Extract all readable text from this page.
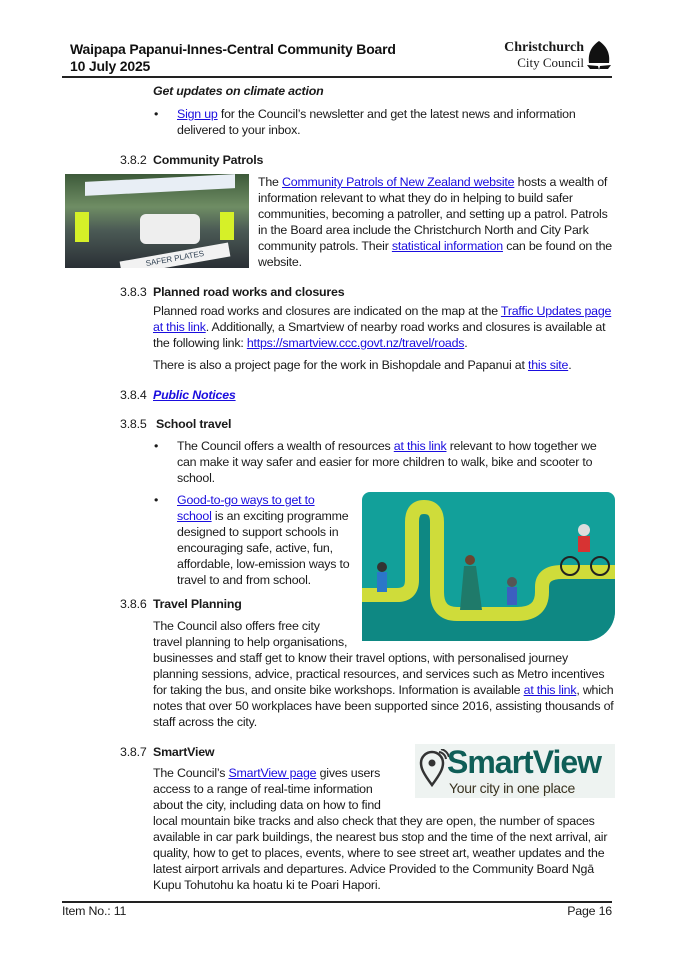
Waipapa Papanui-Innes-Central Community Board
10 July 2025
Christchurch
City Council
Get updates on climate action
• Sign up for the Council’s newsletter and get the latest news and information delivered to your inbox.

3.8.2 Community Patrols
SAFER PLATES

The Community Patrols of New Zealand website hosts a wealth of information relevant to what they do in helping to build safer communities, becoming a patroller, and setting up a patrol. Patrols in the Board area include the Christchurch North and City Park community patrols. Their statistical information can be found on the website.

3.8.3 Planned road works and closures

Planned road works and closures are indicated on the map at the Traffic Updates page at this link. Additionally, a Smartview of nearby road works and closures is available at the following link: https://smartview.ccc.govt.nz/travel/roads.

There is also a project page for the work in Bishopdale and Papanui at this site.

3.8.4 Public Notices
3.8.5 School travel
• The Council offers a wealth of resources at this link relevant to how together we can make it way safer and easier for more children to walk, bike and scooter to school.

• Good-to-go ways to get to school is an exciting programme designed to support schools in encouraging safe, active, fun, affordable, low-emission ways to travel to and from school.

3.8.6 Travel Planning

The Council also offers free city travel planning to help organisations, businesses and staff get to know their travel options, with personalised journey planning sessions, advice, practical resources, and services such as Metro incentives for taking the bus, and onsite bike workshops. Information is available at this link, which notes that over 50 workplaces have been supported since 2016, assisting thousands of staff across the city.

SmartView
Your city in one place
3.8.7 SmartView

The Council’s SmartView page gives users access to a range of real-time information about the city, including data on how to find local mountain bike tracks and also check that they are open, the number of spaces available in car park buildings, the nearest bus stop and the time of the next arrival, air quality, how to get to places, events, where to see street art, weather updates and the latest airport arrivals and departures. Advice Provided to the Community Board Ngā Kupu Tohutohu ka hoatu ki te Poari Hapori.

Item No.: 11	Page 16
